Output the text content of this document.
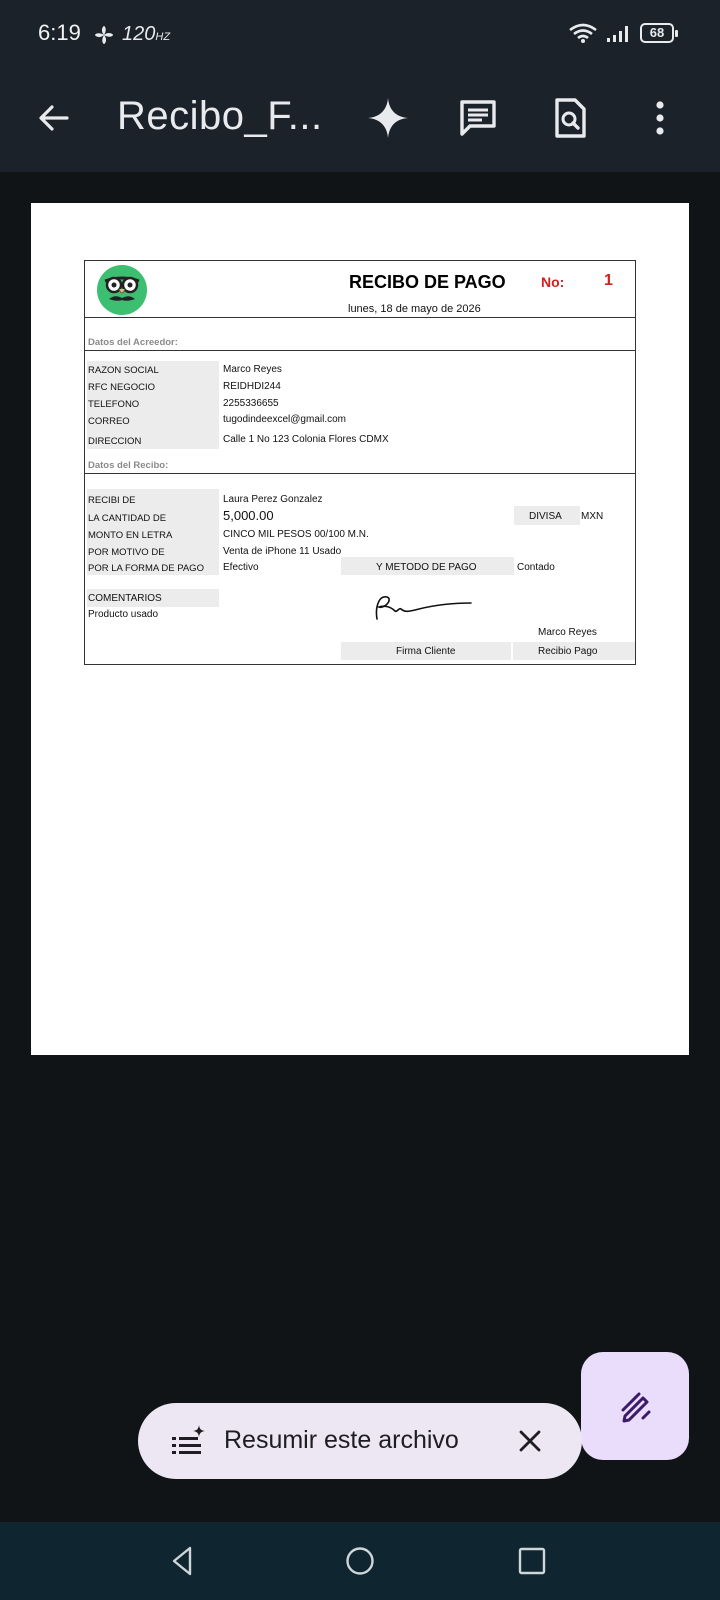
6:19 120HZ	68
Recibo_F...
RECIBO DE PAGO	No: 1
lunes, 18 de mayo de 2026
Datos del Acreedor:
RAZON SOCIAL	Marco Reyes
RFC NEGOCIO	REIDHDI244
TELEFONO	2255336655
CORREO	tugodindeexcel@gmail.com
DIRECCION	Calle 1 No 123 Colonia Flores CDMX
Datos del Recibo:
RECIBI DE	Laura Perez Gonzalez
LA CANTIDAD DE	5,000.00	DIVISA MXN
MONTO EN LETRA	CINCO MIL PESOS 00/100 M.N.
POR MOTIVO DE	Venta de iPhone 11 Usado
POR LA FORMA DE PAGO Efectivo	Y METODO DE PAGO	Contado
COMENTARIOS
Producto usado
Marco Reyes
Firma Cliente	Recibio Pago
Resumir este archivo
